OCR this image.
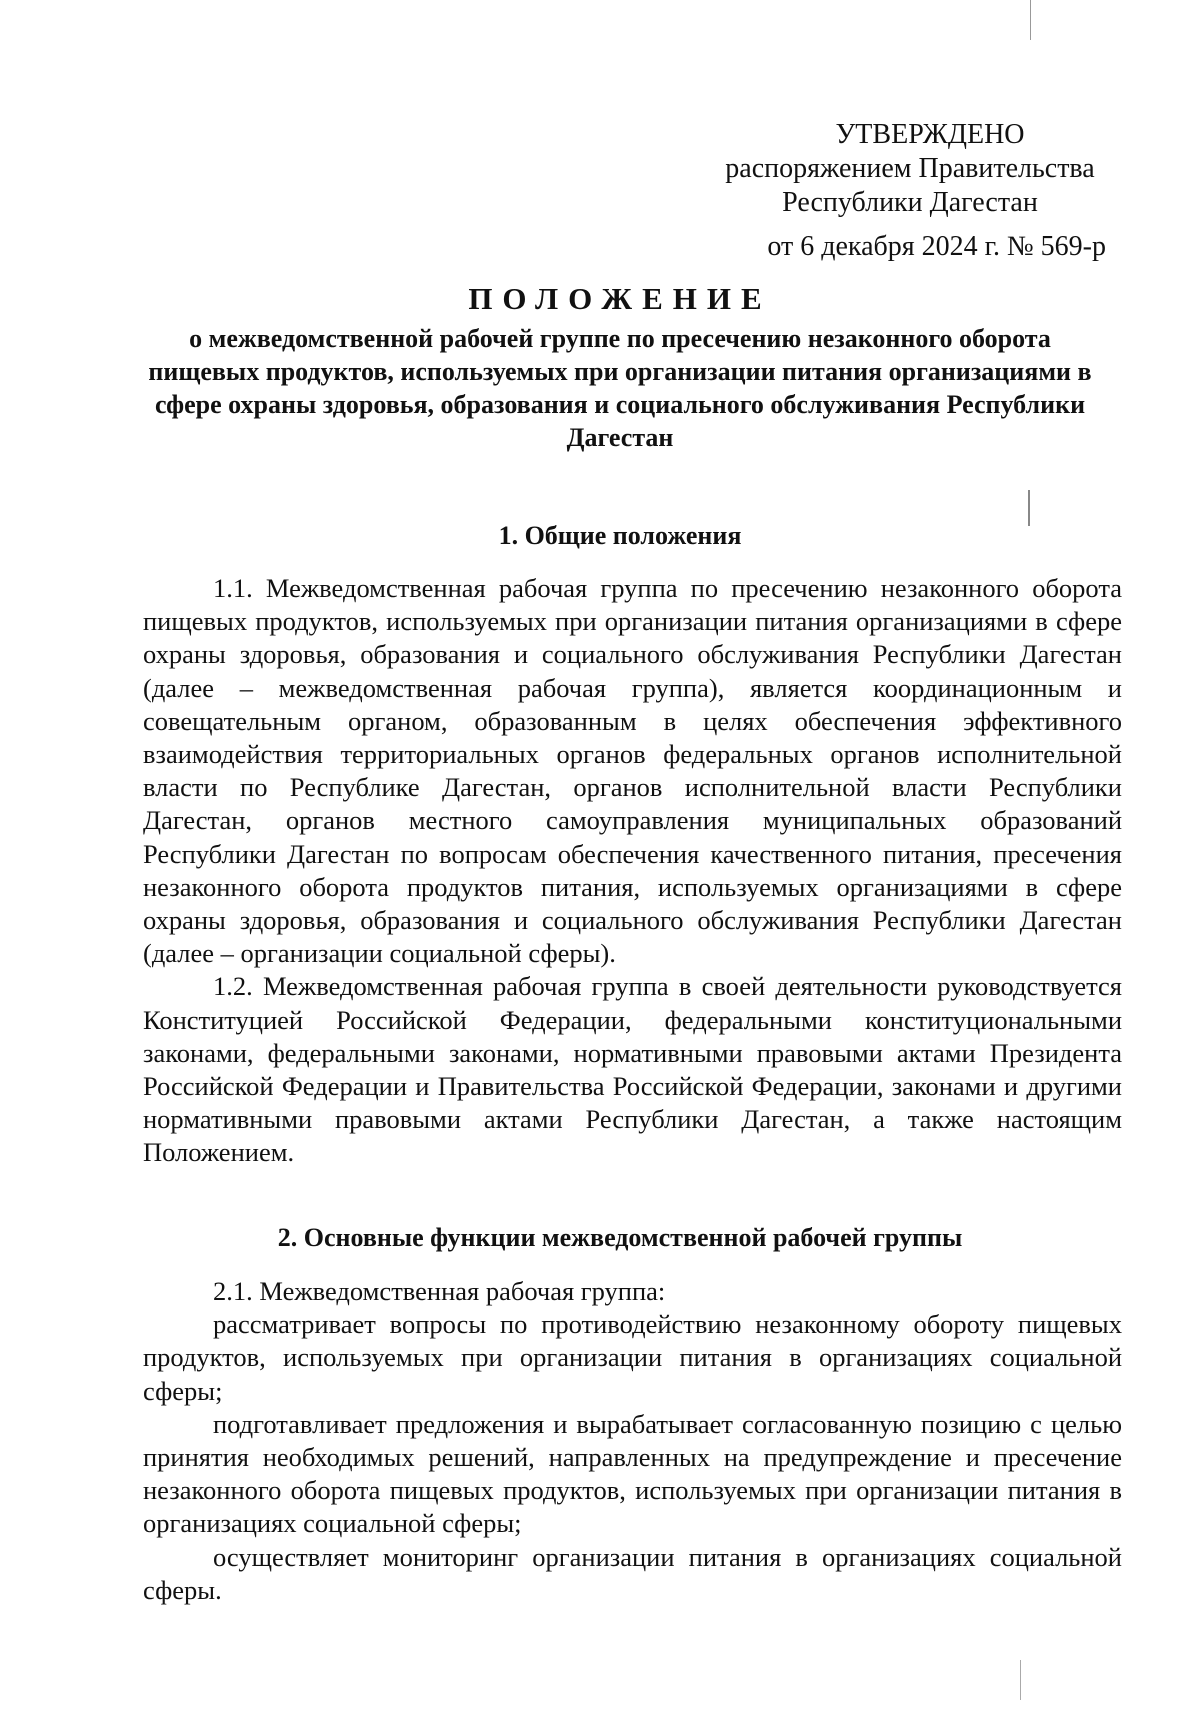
УТВЕРЖДЕНО
распоряжением Правительства
Республики Дагестан
от 6 декабря 2024 г. № 569-р
ПОЛОЖЕНИЕ
о межведомственной рабочей группе по пресечению незаконного оборота пищевых продуктов, используемых при организации питания организациями в сфере охраны здоровья, образования и социального обслуживания Республики Дагестан
1. Общие положения

1.1. Межведомственная рабочая группа по пресечению незаконного оборота пищевых продуктов, используемых при организации питания организациями в сфере охраны здоровья, образования и социального обслуживания Республики Дагестан (далее – межведомственная рабочая группа), является координационным и совещательным органом, образованным в целях обеспечения эффективного взаимодействия территориальных органов федеральных органов исполнительной власти по Республике Дагестан, органов исполнительной власти Республики Дагестан, органов местного самоуправления муниципальных образований Республики Дагестан по вопросам обеспечения качественного питания, пресечения незаконного оборота продуктов питания, используемых организациями в сфере охраны здоровья, образования и социального обслуживания Республики Дагестан (далее – организации социальной сферы).

1.2. Межведомственная рабочая группа в своей деятельности руководствуется Конституцией Российской Федерации, федеральными конституциональными законами, федеральными законами, нормативными правовыми актами Президента Российской Федерации и Правительства Российской Федерации, законами и другими нормативными правовыми актами Республики Дагестан, а также настоящим Положением.

2. Основные функции межведомственной рабочей группы

2.1. Межведомственная рабочая группа:

рассматривает вопросы по противодействию незаконному обороту пищевых продуктов, используемых при организации питания в организациях социальной сферы;

подготавливает предложения и вырабатывает согласованную позицию с целью принятия необходимых решений, направленных на предупреждение и пресечение незаконного оборота пищевых продуктов, используемых при организации питания в организациях социальной сферы;

осуществляет мониторинг организации питания в организациях социальной сферы.
